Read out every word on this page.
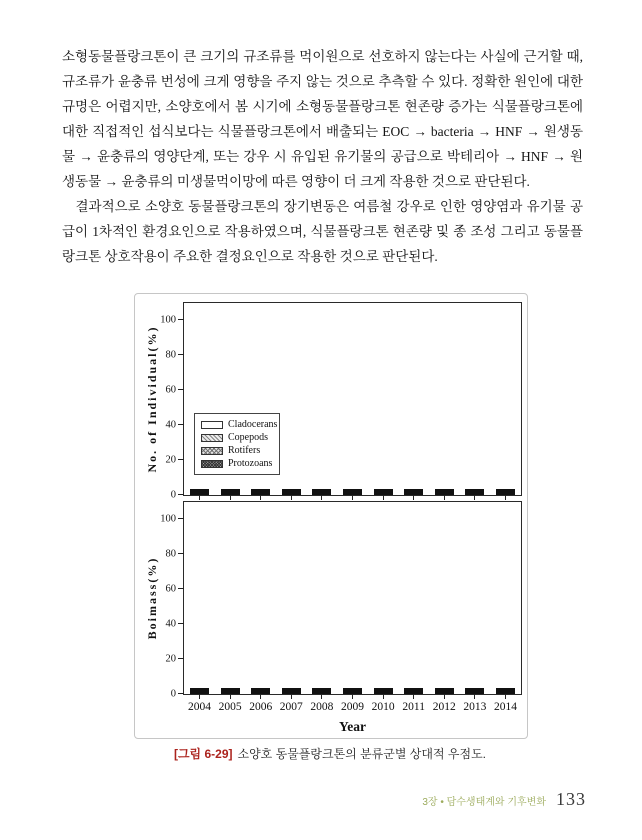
소형동물플랑크톤이 큰 크기의 규조류를 먹이원으로 선호하지 않는다는 사실에 근거할 때, 규조류가 윤충류 번성에 크게 영향을 주지 않는 것으로 추측할 수 있다. 정확한 원인에 대한 규명은 어렵지만, 소양호에서 봄 시기에 소형동물플랑크톤 현존량 증가는 식물플랑크톤에 대한 직접적인 섭식보다는 식물플랑크톤에서 배출되는 EOC → bacteria → HNF → 원생동물 → 윤충류의 영양단계, 또는 강우 시 유입된 유기물의 공급으로 박테리아 → HNF → 원생동물 → 윤충류의 미생물먹이망에 따른 영향이 더 크게 작용한 것으로 판단된다.

결과적으로 소양호 동물플랑크톤의 장기변동은 여름철 강우로 인한 영양염과 유기물 공급이 1차적인 환경요인으로 작용하였으며, 식물플랑크톤 현존량 및 종 조성 그리고 동물플랑크톤 상호작용이 주요한 결정요인으로 작용한 것으로 판단된다.

No. of Individual(%)
0
20
40
60
80
100
Cladocerans
Copepods
Rotifers
Protozoans
Boimass(%)
0
20
40
60
80
100
2004 2005 2006 2007 2008 2009 2010 2011 2012 2013 2014
Year

[그림 6-29] 소양호 동물플랑크톤의 분류군별 상대적 우점도.

3장 • 담수생태계와 기후변화 133
